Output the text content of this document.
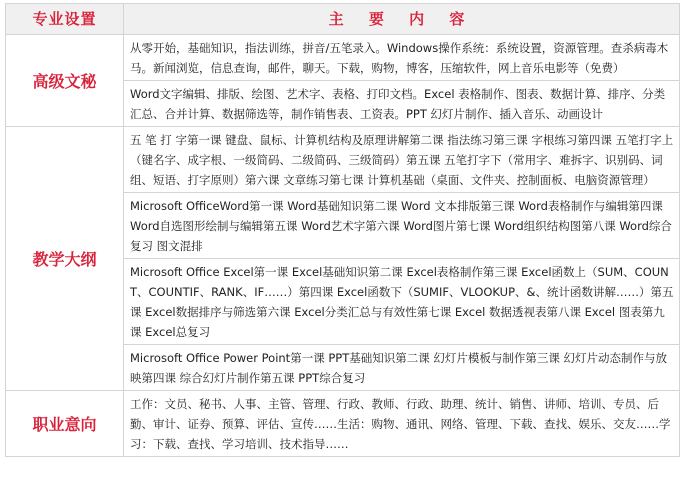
专业设置	主 要 内 容
高级文秘	从零开始，基础知识，指法训练，拼音/五笔录入。Windows操作系统：系统设置，资源管理。查杀病毒木马。新闻浏览，信息查询，邮件，聊天。下载，购物，博客，压缩软件，网上音乐电影等（免费）
	Word文字编辑、排版、绘图、艺术字、表格、打印文档。Excel 表格制作、图表、数据计算、排序、分类汇总、合并计算、数据筛选等，制作销售表、工资表。PPT 幻灯片制作、插入音乐、动画设计
教学大纲	五 笔 打 字第一课 键盘、鼠标、计算机结构及原理讲解第二课 指法练习第三课 字根练习第四课 五笔打字上（键名字、成字根、一级简码、二级简码、三级简码）第五课 五笔打字下（常用字、难拆字、识别码、词组、短语、打字原则）第六课 文章练习第七课 计算机基础（桌面、文件夹、控制面板、电脑资源管理）
	Microsoft OfficeWord第一课 Word基础知识第二课 Word 文本排版第三课 Word表格制作与编辑第四课 Word自选图形绘制与编辑第五课 Word艺术字第六课 Word图片第七课 Word组织结构图第八课 Word综合复习 图文混排
	Microsoft Office Excel第一课 Excel基础知识第二课 Excel表格制作第三课 Excel函数上（SUM、COUNT、COUNTIF、RANK、IF……）第四课 Excel函数下（SUMIF、VLOOKUP、&、统计函数讲解……）第五课 Excel数据排序与筛选第六课 Excel分类汇总与有效性第七课 Excel 数据透视表第八课 Excel 图表第九课 Excel总复习
	Microsoft Office Power Point第一课 PPT基础知识第二课 幻灯片模板与制作第三课 幻灯片动态制作与放映第四课 综合幻灯片制作第五课 PPT综合复习
职业意向	工作：文员、秘书、人事、主管、管理、行政、教师、行政、助理、统计、销售、讲师、培训、专员、后勤、审计、证券、预算、评估、宣传……生活：购物、通讯、网络、管理、下载、查找、娱乐、交友……学习：下载、查找、学习培训、技术指导……
